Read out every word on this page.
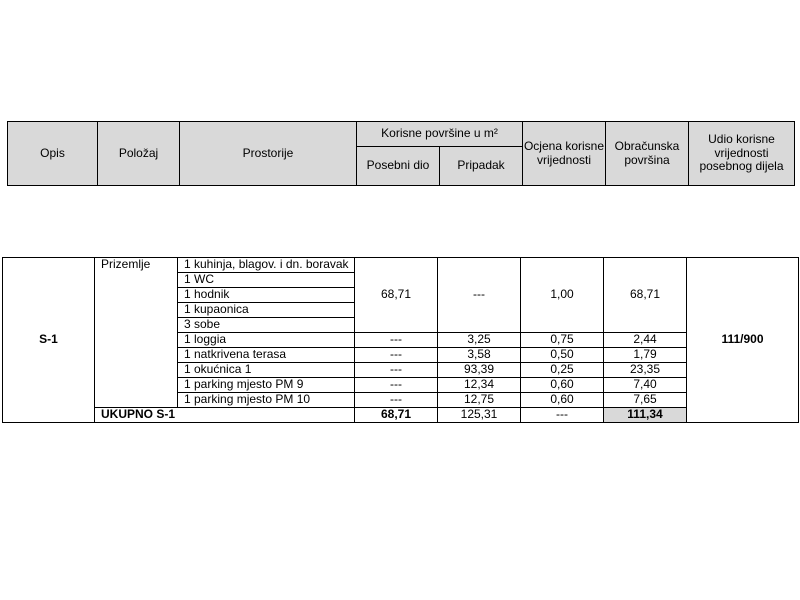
Opis	Položaj	Prostorije	Korisne površine u m²		Ocjena korisne vrijednosti	Obračunska površina	Udio korisne vrijednosti posebnog dijela
			Posebni dio	Pripadak			
S-1	Prizemlje	1 kuhinja, blagov. i dn. boravak	68,71	---	1,00	68,71	111/900
		1 WC					
		1 hodnik					
		1 kupaonica					
		3 sobe					
		1 loggia	---	3,25	0,75	2,44	
		1 natkrivena terasa	---	3,58	0,50	1,79	
		1 okućnica 1	---	93,39	0,25	23,35	
		1 parking mjesto PM 9	---	12,34	0,60	7,40	
		1 parking mjesto PM 10	---	12,75	0,60	7,65	
	UKUPNO S-1		68,71	125,31	---	111,34	
